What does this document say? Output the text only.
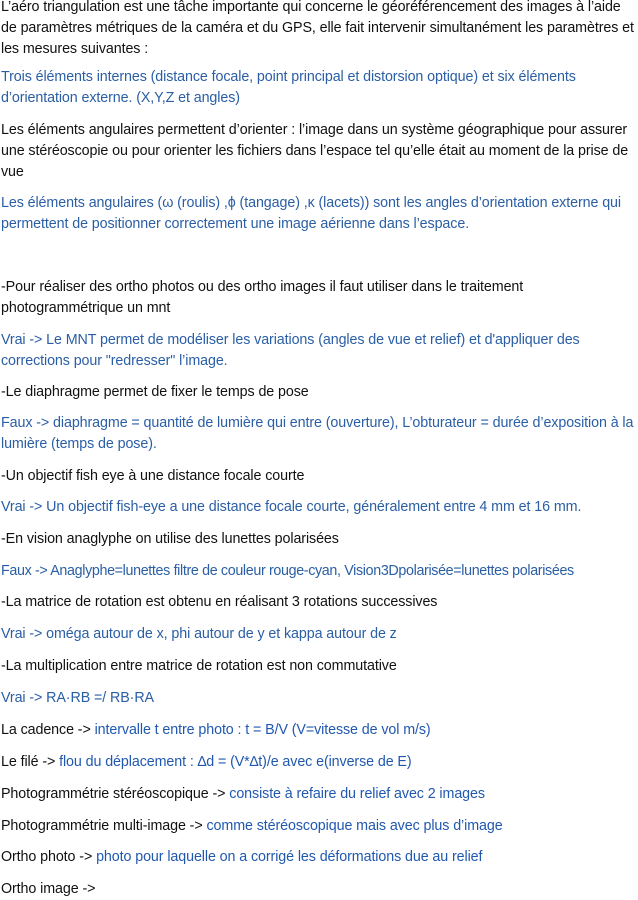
L’aéro triangulation est une tâche importante qui concerne le géoréférencement des images à l’aide de paramètres métriques de la caméra et du GPS, elle fait intervenir simultanément les paramètres et les mesures suivantes :

Trois éléments internes (distance focale, point principal et distorsion optique) et six éléments d’orientation externe. (X,Y,Z et angles)

Les éléments angulaires permettent d’orienter : l’image dans un système géographique pour assurer une stéréoscopie ou pour orienter les fichiers dans l’espace tel qu’elle était au moment de la prise de vue

Les éléments angulaires (ω (roulis) ,ϕ (tangage) ,κ (lacets)) sont les angles d’orientation externe qui permettent de positionner correctement une image aérienne dans l’espace.

-Pour réaliser des ortho photos ou des ortho images il faut utiliser dans le traitement photogrammétrique un mnt

Vrai -> Le MNT permet de modéliser les variations (angles de vue et relief) et d'appliquer des corrections pour "redresser" l’image.

-Le diaphragme permet de fixer le temps de pose

Faux -> diaphragme = quantité de lumière qui entre (ouverture), L’obturateur = durée d’exposition à la lumière (temps de pose).

-Un objectif fish eye à une distance focale courte

Vrai -> Un objectif fish-eye a une distance focale courte, généralement entre 4 mm et 16 mm.

-En vision anaglyphe on utilise des lunettes polarisées

Faux -> Anaglyphe=lunettes filtre de couleur rouge-cyan, Vision3Dpolarisée=lunettes polarisées

-La matrice de rotation est obtenu en réalisant 3 rotations successives

Vrai -> oméga autour de x, phi autour de y et kappa autour de z

-La multiplication entre matrice de rotation est non commutative

Vrai -> RA·RB =/ RB·RA

La cadence -> intervalle t entre photo : t = B/V (V=vitesse de vol m/s)

Le filé -> flou du déplacement : ∆d = (V*∆t)/e avec e(inverse de E)

Photogrammétrie stéréoscopique -> consiste à refaire du relief avec 2 images

Photogrammétrie multi-image -> comme stéréoscopique mais avec plus d’image

Ortho photo -> photo pour laquelle on a corrigé les déformations due au relief

Ortho image ->
